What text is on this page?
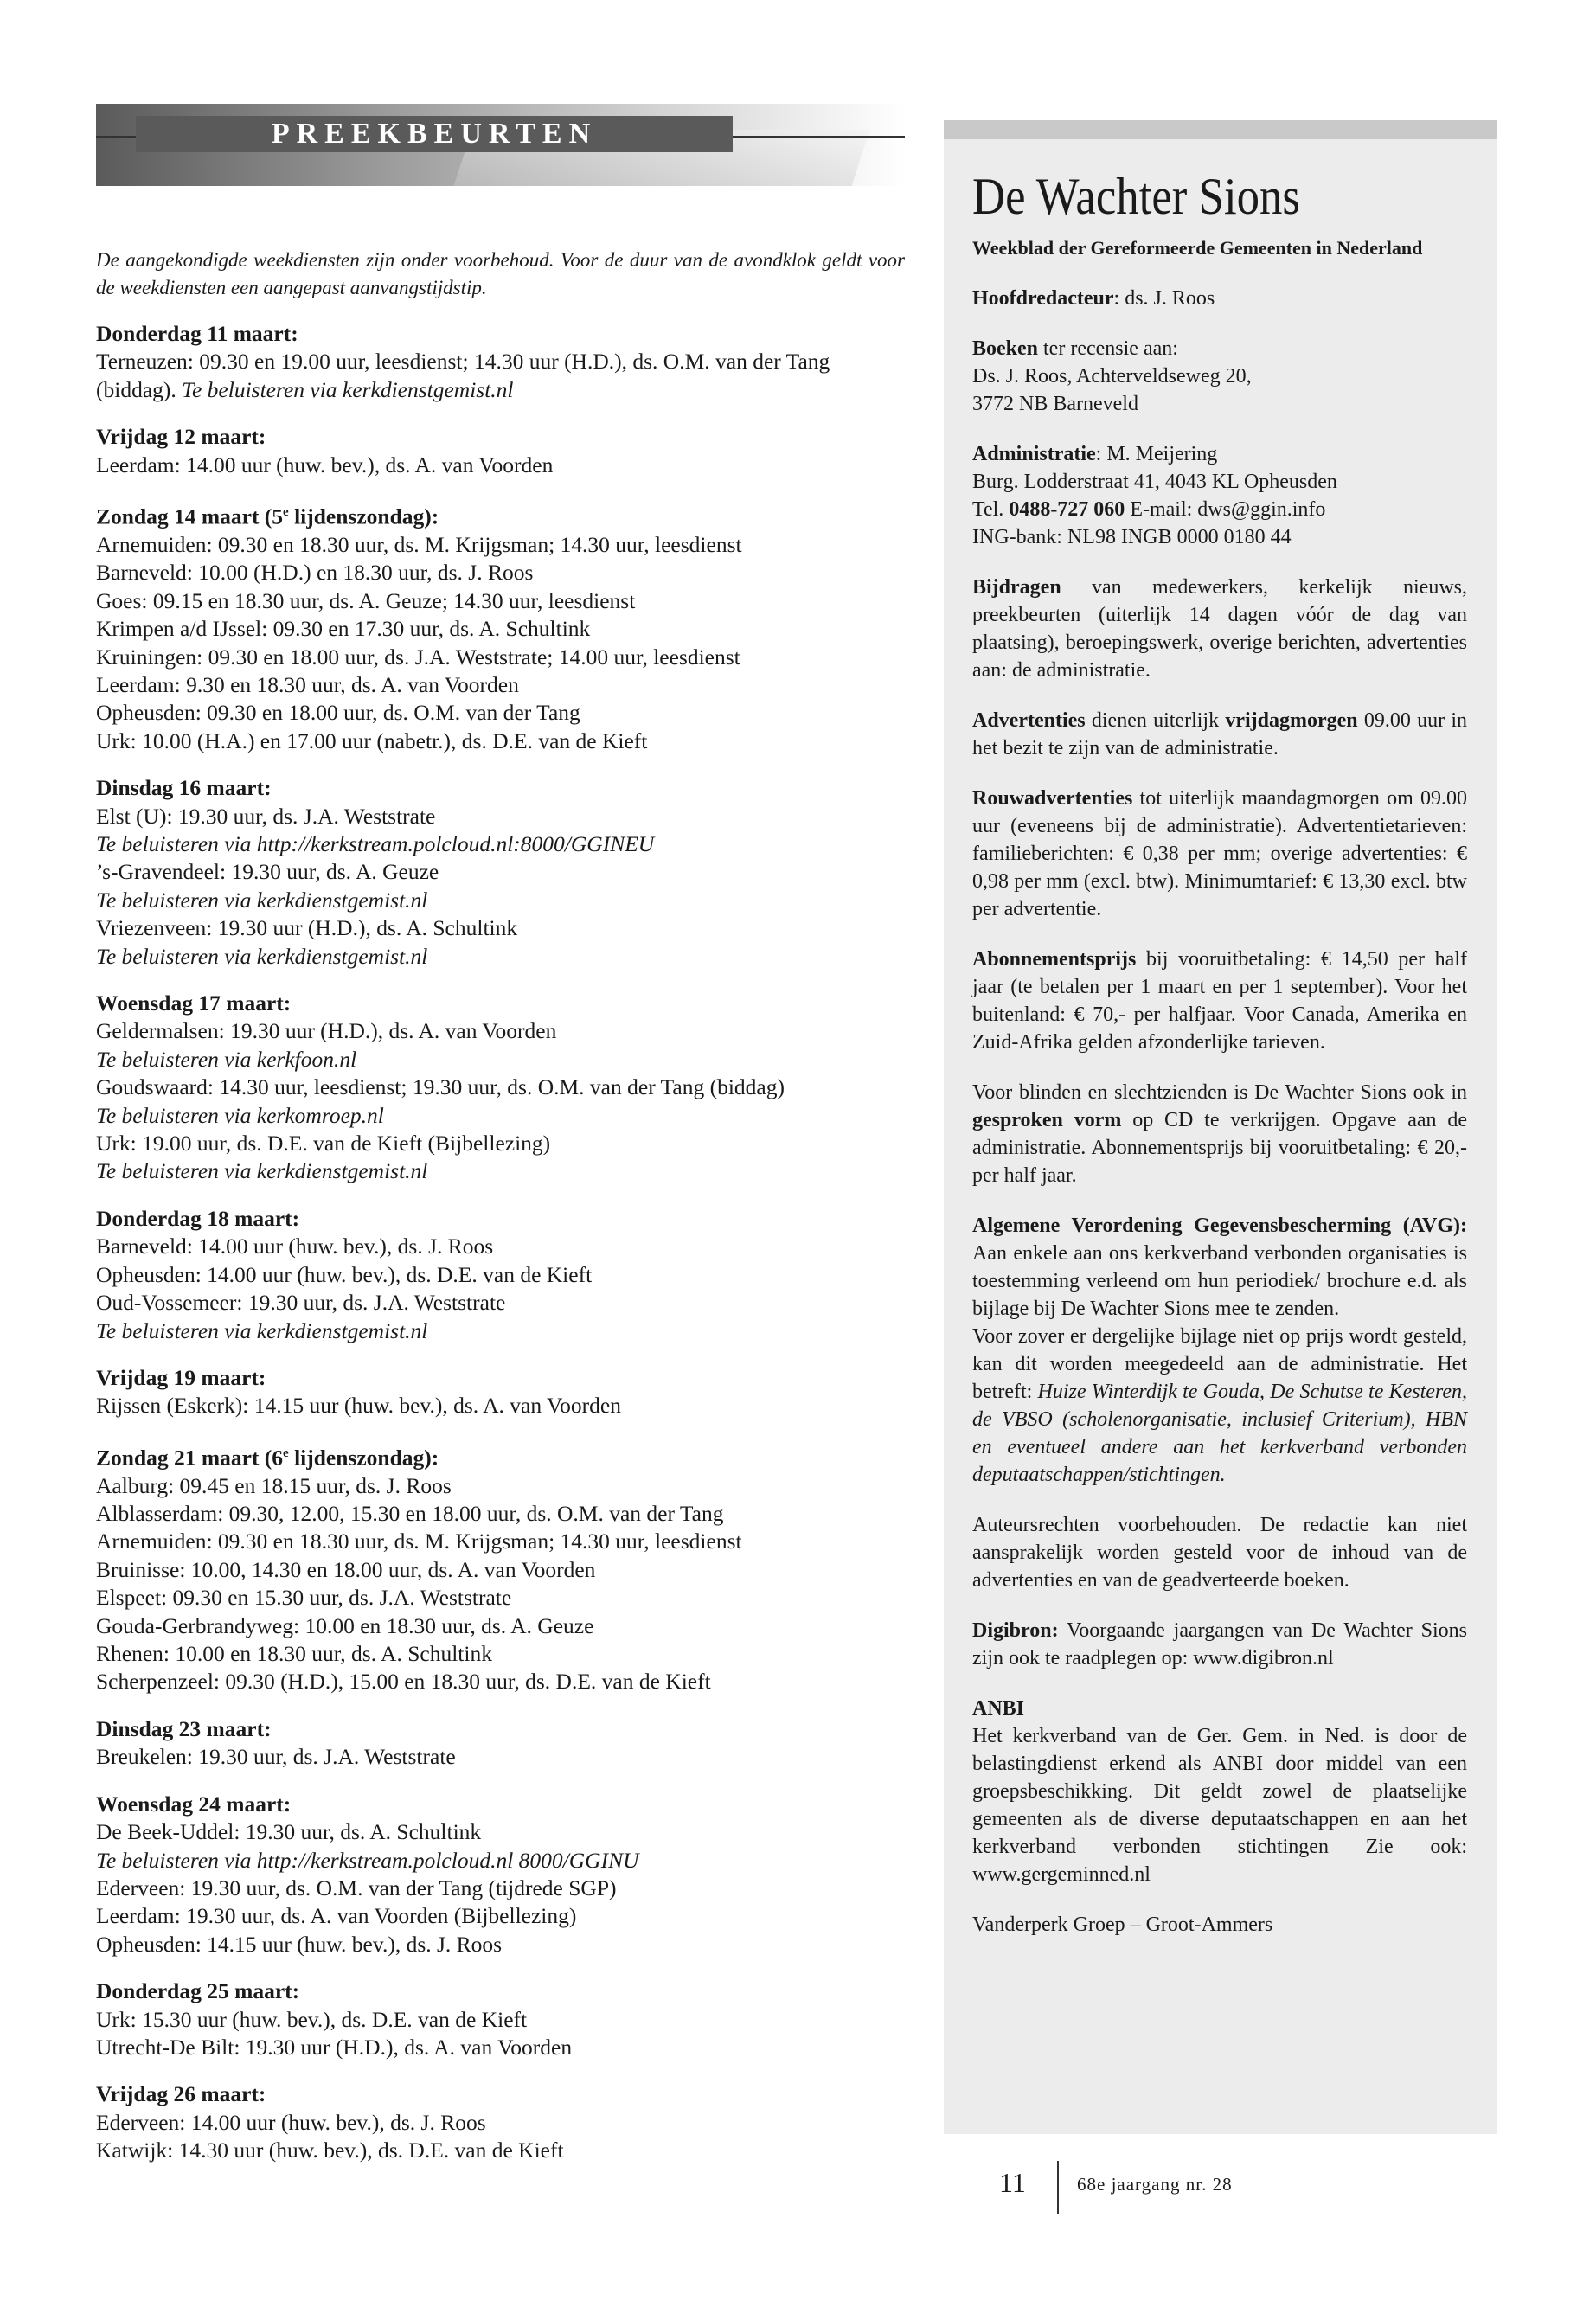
PREEKBEURTEN
De aangekondigde weekdiensten zijn onder voorbehoud. Voor de duur van de avondklok geldt voor de weekdiensten een aangepast aanvangstijdstip.
Donderdag 11 maart:
Terneuzen: 09.30 en 19.00 uur, leesdienst; 14.30 uur (H.D.), ds. O.M. van der Tang (biddag). Te beluisteren via kerkdienstgemist.nl
Vrijdag 12 maart:
Leerdam: 14.00 uur (huw. bev.), ds. A. van Voorden
Zondag 14 maart (5e lijdenszondag):
Arnemuiden: 09.30 en 18.30 uur, ds. M. Krijgsman; 14.30 uur, leesdienst
Barneveld: 10.00 (H.D.) en 18.30 uur, ds. J. Roos
Goes: 09.15 en 18.30 uur, ds. A. Geuze; 14.30 uur, leesdienst
Krimpen a/d IJssel: 09.30 en 17.30 uur, ds. A. Schultink
Kruiningen: 09.30 en 18.00 uur, ds. J.A. Weststrate; 14.00 uur, leesdienst
Leerdam: 9.30 en 18.30 uur, ds. A. van Voorden
Opheusden: 09.30 en 18.00 uur, ds. O.M. van der Tang
Urk: 10.00 (H.A.) en 17.00 uur (nabetr.), ds. D.E. van de Kieft
Dinsdag 16 maart:
Elst (U): 19.30 uur, ds. J.A. Weststrate
Te beluisteren via http://kerkstream.polcloud.nl:8000/GGINEU
’s-Gravendeel: 19.30 uur, ds. A. Geuze
Te beluisteren via kerkdienstgemist.nl
Vriezenveen: 19.30 uur (H.D.), ds. A. Schultink
Te beluisteren via kerkdienstgemist.nl
Woensdag 17 maart:
Geldermalsen: 19.30 uur (H.D.), ds. A. van Voorden
Te beluisteren via kerkfoon.nl
Goudswaard: 14.30 uur, leesdienst; 19.30 uur, ds. O.M. van der Tang (biddag)
Te beluisteren via kerkomroep.nl
Urk: 19.00 uur, ds. D.E. van de Kieft (Bijbellezing)
Te beluisteren via kerkdienstgemist.nl
Donderdag 18 maart:
Barneveld: 14.00 uur (huw. bev.), ds. J. Roos
Opheusden: 14.00 uur (huw. bev.), ds. D.E. van de Kieft
Oud-Vossemeer: 19.30 uur, ds. J.A. Weststrate
Te beluisteren via kerkdienstgemist.nl
Vrijdag 19 maart:
Rijssen (Eskerk): 14.15 uur (huw. bev.), ds. A. van Voorden
Zondag 21 maart (6e lijdenszondag):
Aalburg: 09.45 en 18.15 uur, ds. J. Roos
Alblasserdam: 09.30, 12.00, 15.30 en 18.00 uur, ds. O.M. van der Tang
Arnemuiden: 09.30 en 18.30 uur, ds. M. Krijgsman; 14.30 uur, leesdienst
Bruinisse: 10.00, 14.30 en 18.00 uur, ds. A. van Voorden
Elspeet: 09.30 en 15.30 uur, ds. J.A. Weststrate
Gouda-Gerbrandyweg: 10.00 en 18.30 uur, ds. A. Geuze
Rhenen: 10.00 en 18.30 uur, ds. A. Schultink
Scherpenzeel: 09.30 (H.D.), 15.00 en 18.30 uur, ds. D.E. van de Kieft
Dinsdag 23 maart:
Breukelen: 19.30 uur, ds. J.A. Weststrate
Woensdag 24 maart:
De Beek-Uddel: 19.30 uur, ds. A. Schultink
Te beluisteren via http://kerkstream.polcloud.nl 8000/GGINU
Ederveen: 19.30 uur, ds. O.M. van der Tang (tijdrede SGP)
Leerdam: 19.30 uur, ds. A. van Voorden (Bijbellezing)
Opheusden: 14.15 uur (huw. bev.), ds. J. Roos
Donderdag 25 maart:
Urk: 15.30 uur (huw. bev.), ds. D.E. van de Kieft
Utrecht-De Bilt: 19.30 uur (H.D.), ds. A. van Voorden
Vrijdag 26 maart:
Ederveen: 14.00 uur (huw. bev.), ds. J. Roos
Katwijk: 14.30 uur (huw. bev.), ds. D.E. van de Kieft
De Wachter Sions
Weekblad der Gereformeerde Gemeenten in Nederland
Hoofdredacteur: ds. J. Roos
Boeken ter recensie aan:
Ds. J. Roos, Achterveldseweg 20,
3772 NB Barneveld
Administratie: M. Meijering
Burg. Lodderstraat 41, 4043 KL Opheusden
Tel. 0488-727 060 E-mail: dws@ggin.info
ING-bank: NL98 INGB 0000 0180 44
Bijdragen van medewerkers, kerkelijk nieuws, preekbeurten (uiterlijk 14 dagen vóór de dag van plaatsing), beroepingswerk, overige berichten, advertenties aan: de administratie.
Advertenties dienen uiterlijk vrijdagmorgen 09.00 uur in het bezit te zijn van de administratie.
Rouwadvertenties tot uiterlijk maandagmorgen om 09.00 uur (eveneens bij de administratie). Advertentietarieven: familieberichten: € 0,38 per mm; overige advertenties: € 0,98 per mm (excl. btw). Minimumtarief: € 13,30 excl. btw per advertentie.
Abonnementsprijs bij vooruitbetaling: € 14,50 per half jaar (te betalen per 1 maart en per 1 september). Voor het buitenland: € 70,- per halfjaar. Voor Canada, Amerika en Zuid-Afrika gelden afzonderlijke tarieven.
Voor blinden en slechtzienden is De Wachter Sions ook in gesproken vorm op CD te verkrijgen. Opgave aan de administratie. Abonnementsprijs bij vooruitbetaling: € 20,- per half jaar.
Algemene Verordening Gegevensbescherming (AVG): Aan enkele aan ons kerkverband verbonden organisaties is toestemming verleend om hun periodiek/ brochure e.d. als bijlage bij De Wachter Sions mee te zenden.
Voor zover er dergelijke bijlage niet op prijs wordt gesteld, kan dit worden meegedeeld aan de administratie. Het betreft: Huize Winterdijk te Gouda, De Schutse te Kesteren, de VBSO (scholenorganisatie, inclusief Criterium), HBN en eventueel andere aan het kerkverband verbonden deputaatschappen/stichtingen.
Auteursrechten voorbehouden. De redactie kan niet aansprakelijk worden gesteld voor de inhoud van de advertenties en van de geadverteerde boeken.
Digibron: Voorgaande jaargangen van De Wachter Sions zijn ook te raadplegen op: www.digibron.nl
ANBI
Het kerkverband van de Ger. Gem. in Ned. is door de belastingdienst erkend als ANBI door middel van een groepsbeschikking. Dit geldt zowel de plaatselijke gemeenten als de diverse deputaatschappen en aan het kerkverband verbonden stichtingen Zie ook: www.gergeminned.nl
Vanderperk Groep – Groot-Ammers
11	68e jaargang nr. 28
